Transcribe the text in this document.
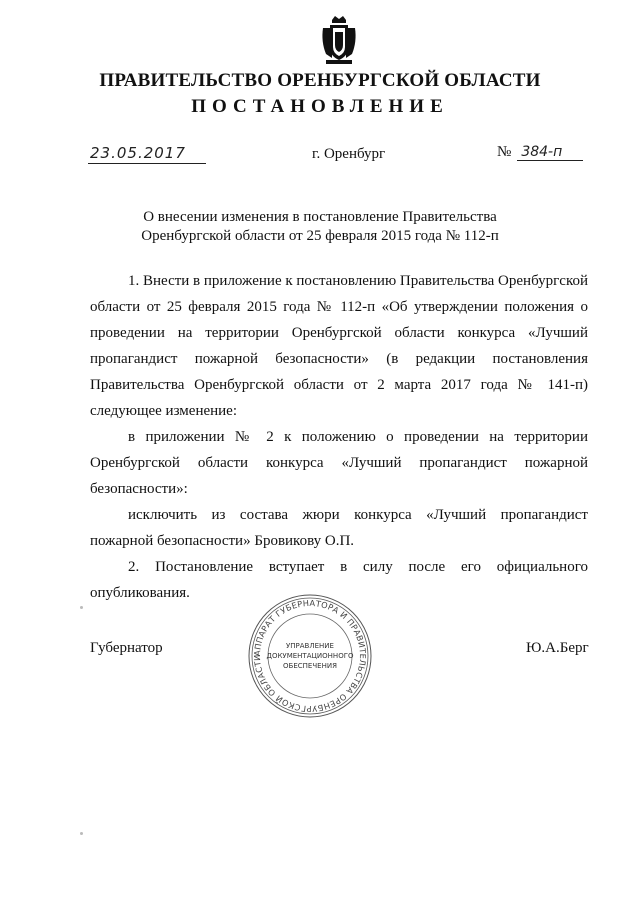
ПРАВИТЕЛЬСТВО ОРЕНБУРГСКОЙ ОБЛАСТИ
ПОСТАНОВЛЕНИЕ
23.05.2017	г. Оренбург	№ 384-п
О внесении изменения в постановление Правительства
Оренбургской области от 25 февраля 2015 года № 112-п

1. Внести в приложение к постановлению Правительства Оренбургской области от 25 февраля 2015 года № 112-п «Об утверждении положения о проведении на территории Оренбургской области конкурса «Лучший пропагандист пожарной безопасности» (в редакции постановления Правительства Оренбургской области от 2 марта 2017 года № 141-п) следующее изменение:

в приложении № 2 к положению о проведении на территории Оренбургской области конкурса «Лучший пропагандист пожарной безопасности»:

исключить из состава жюри конкурса «Лучший пропагандист пожарной безопасности» Бровикову О.П.

2. Постановление вступает в силу после его официального опубликования.

Губернатор	Ю.А.Берг
АППАРАТ ГУБЕРНАТОРА И ПРАВИТЕЛЬСТВА ОРЕНБУРГСКОЙ ОБЛАСТИ
УПРАВЛЕНИЕ
ДОКУМЕНТАЦИОННОГО
ОБЕСПЕЧЕНИЯ
